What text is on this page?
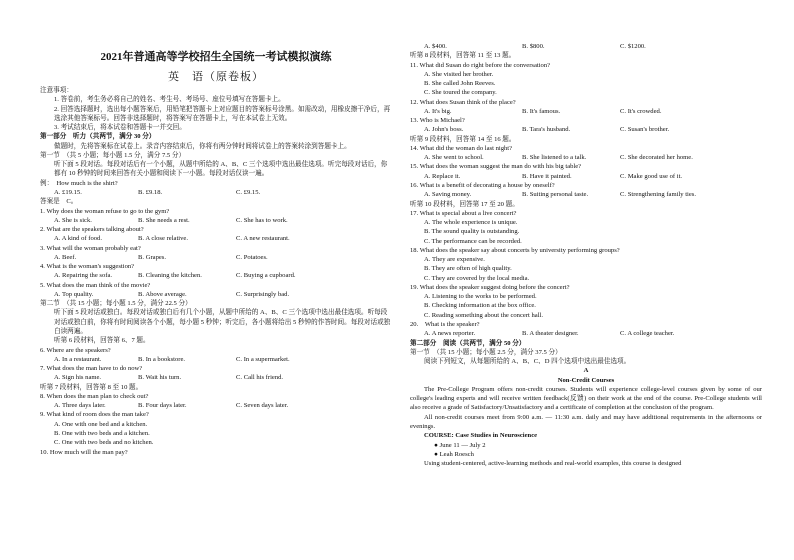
2021年普通高等学校招生全国统一考试模拟演练
英　语（原卷板）
注意事项：
1. 答卷前，考生务必将自己的姓名、考生号、考场号、座位号填写在答题卡上。
2. 回答选择题时，选出每小题答案后，用铅笔把答题卡上对应题目的答案标号涂黑。如需改动，用橡皮擦干净后，再选涂其他答案标号。回答非选择题时，将答案写在答题卡上，写在本试卷上无效。
3. 考试结束后，将本试卷和答题卡一并交回。
第一部分　听力（共两节，满分 30 分）
做题时，先将答案标在试卷上。录音内容结束后，你将有两分钟时间将试卷上的答案转涂到答题卡上。
第一节　（共 5 小题；每小题 1.5 分，满分 7.5 分）
听下面 5 段对话。每段对话后有一个小题，从题中所给的 A、B、C 三个选项中选出最佳选项。听完每段对话后，你都有 10 秒钟的时间来回答有关小题和阅读下一小题。每段对话仅读一遍。
例：　How much is the shirt?
A. £19.15.	B. £9.18.	C. £9.15.
答案是　C。
1. Why does the woman refuse to go to the gym?
A. She is sick.	B. She needs a rest.	C. She has to work.
2. What are the speakers talking about?
A. A kind of food.	B. A close relative.	C. A new restaurant.
3. What will the woman probably eat?
A. Beef.	B. Grapes.	C. Potatoes.
4. What is the woman's suggestion?
A. Repairing the sofa.	B. Cleaning the kitchen.	C. Buying a cupboard.
5. What does the man think of the movie?
A. Top quality.	B. Above average.	C. Surprisingly bad.
第二节　（共 15 小题；每小题 1.5 分，满分 22.5 分）
听下面 5 段对话或独白。每段对话或独白后有几个小题，从题中所给的 A、B、C 三个选项中选出最佳选项。听每段对话或独白前，你将有时间阅读各个小题，每小题 5 秒钟；听完后，各小题将给出 5 秒钟的作答时间。每段对话或独白读两遍。
听第 6 段材料，回答第 6、7 题。
6. Where are the speakers?
A. In a restaurant.	B. In a bookstore.	C. In a supermarket.
7. What does the man have to do now?
A. Sign his name.	B. Wait his turn.	C. Call his friend.
听第 7 段材料，回答第 8 至 10 题。
8. When does the man plan to check out?
A. Three days later.	B. Four days later.	C. Seven days later.
9. What kind of room does the man take?
A. One with one bed and a kitchen.
B. One with two beds and a kitchen.
C. One with two beds and no kitchen.
10. How much will the man pay?
A. $400.	B. $800.	C. $1200.
听第 8 段材料，回答第 11 至 13 题。
11. What did Susan do right before the conversation?
A. She visited her brother.
B. She called John Reeves.
C. She toured the company.
12. What does Susan think of the place?
A. It's big.	B. It's famous.	C. It's crowded.
13. Who is Michael?
A. John's boss.	B. Tara's husband.	C. Susan's brother.
听第 9 段材料，回答第 14 至 16 题。
14. What did the woman do last night?
A. She went to school.	B. She listened to a talk.	C. She decorated her home.
15. What does the woman suggest the man do with his big table?
A. Replace it.	B. Have it painted.	C. Make good use of it.
16. What is a benefit of decorating a house by oneself?
A. Saving money.	B. Suiting personal taste.	C. Strengthening family ties.
听第 10 段材料，回答第 17 至 20 题。
17. What is special about a live concert?
A. The whole experience is unique.
B. The sound quality is outstanding.
C. The performance can be recorded.
18. What does the speaker say about concerts by university performing groups?
A. They are expensive.
B. They are often of high quality.
C. They are covered by the local media.
19. What does the speaker suggest doing before the concert?
A. Listening to the works to be performed.
B. Checking information at the box office.
C. Reading something about the concert hall.
20.　What is the speaker?
A. A news reporter.	B. A theater designer.	C. A college teacher.
第二部分　阅读（共两节，满分 50 分）
第一节　（共 15 小题；每小题 2.5 分，满分 37.5 分）
阅读下列短文，从每题所给的 A、B、C、D 四个选项中选出最佳选项。
A
Non-Credit Courses
The Pre-College Program offers non-credit courses. Students will experience college-level courses given by some of our college's leading experts and will receive written feedback(反馈) on their work at the end of the course. Pre-College students will also receive a grade of Satisfactory/Unsatisfactory and a certificate of completion at the conclusion of the program.
All non-credit courses meet from 9:00 a.m. — 11:30 a.m. daily and may have additional requirements in the afternoons or evenings.
COURSE: Case Studies in Neuroscience
● June 11 — July 2
● Leah Roesch
Using student-centered, active-learning methods and real-world examples, this course is designed
